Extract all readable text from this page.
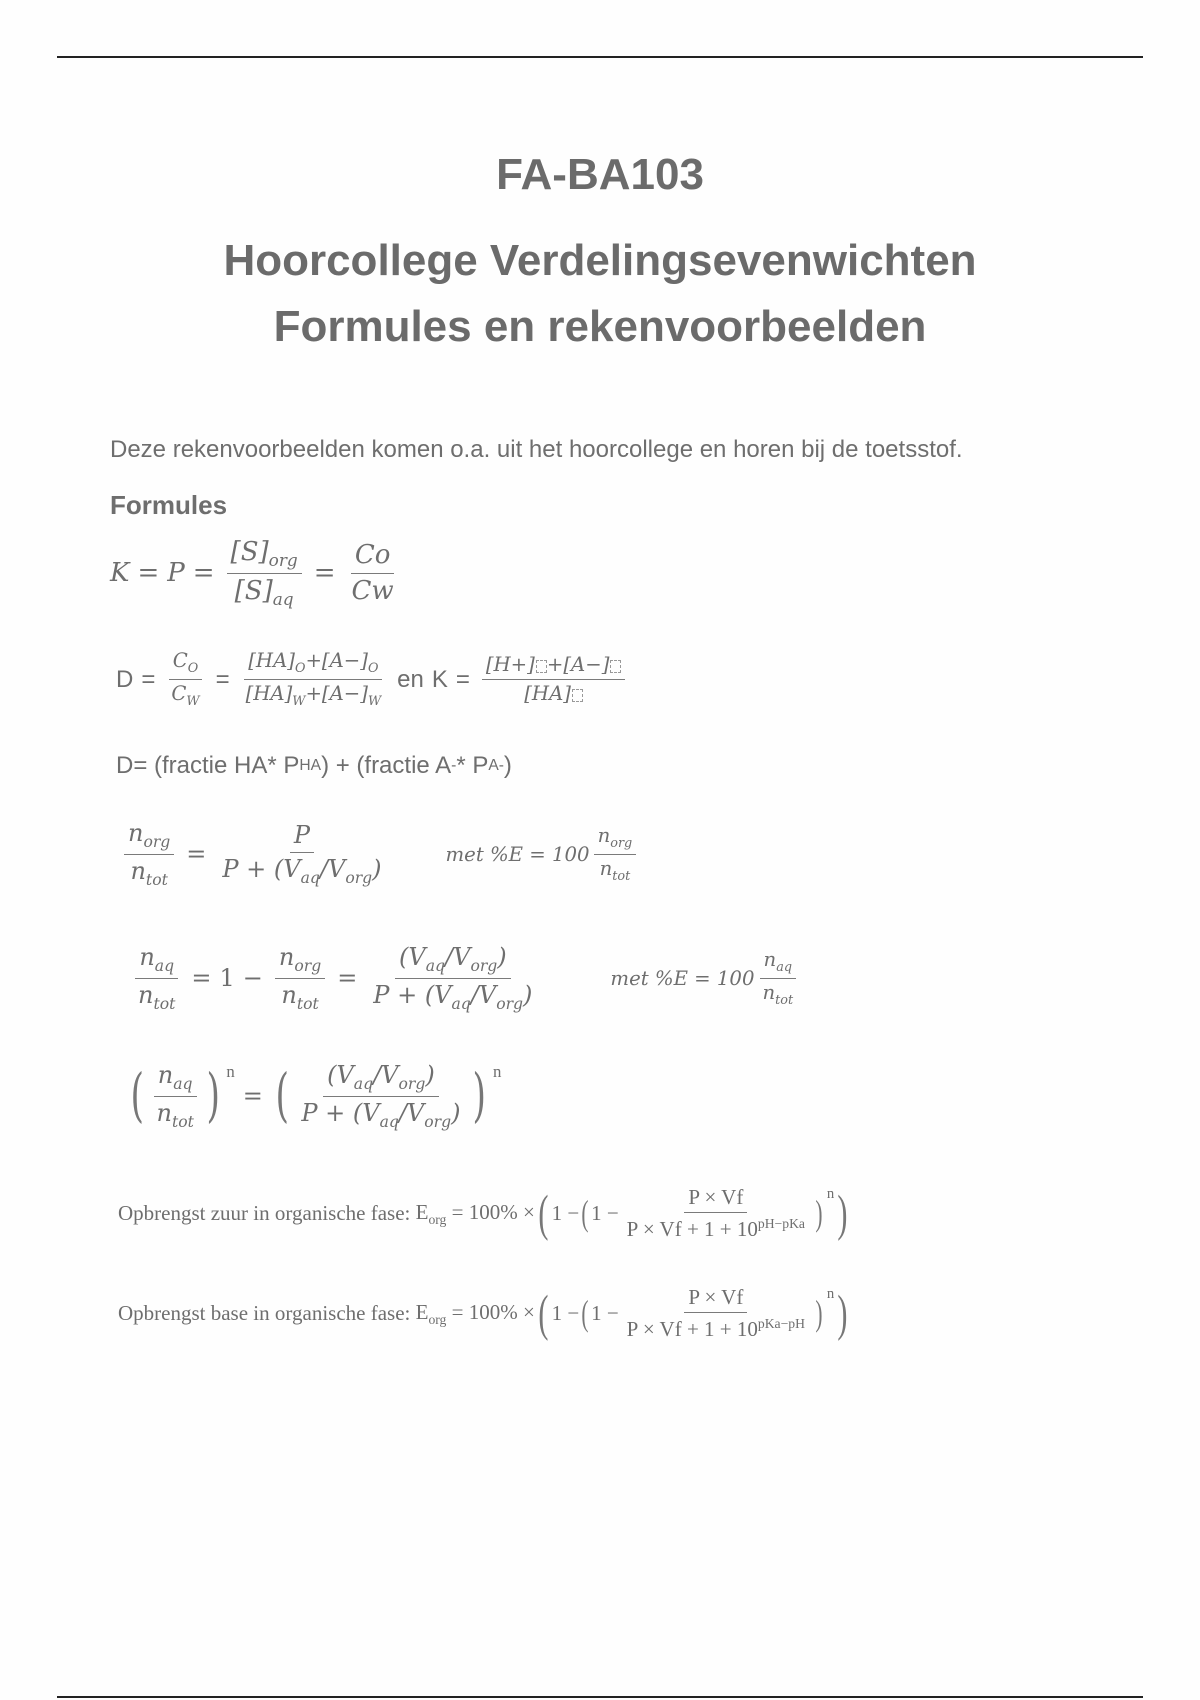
FA-BA103
Hoorcollege Verdelingsevenwichten
Formules en rekenvoorbeelden
Deze rekenvoorbeelden komen o.a. uit het hoorcollege en horen bij de toetsstof.
Formules
$K = P = \frac{[S]_{org}}{[S]_{aq}} = \frac{Co}{Cw}$
$D = \frac{C_O}{C_W} = \frac{[HA]_O+[A-]_O}{[HA]_W+[A-]_W}$ en $K = \frac{[H+] +[A-]}{[HA]}$
D= (fractie HA* P HA ) + (fractie A - * P A- )
$\frac{n_{org}}{n_{tot}} = \frac{P}{P + (V_{aq}/V_{org})}$	met $\%E = 100 \frac{n_{org}}{n_{tot}}$
$\frac{n_{aq}}{n_{tot}} = 1 - \frac{n_{org}}{n_{tot}} = \frac{(V_{aq}/V_{org})}{P + (V_{aq}/V_{org})}$	met $\%E = 100 \frac{n_{aq}}{n_{tot}}$
( $\frac{n_{aq}}{n_{tot}}$ ) n
= ( $\frac{(V_{aq}/V_{org})}{P + (V_{aq}/V_{org})}$ ) n
Opbrengst zuur in organische fase: $E_{org} = 100\%$ × ( 1 − ( $1 - \frac{P \times Vf}{P \times Vf + 1 + 10^{pH-pKa}}$ ) n )
Opbrengst base in organische fase: $E_{org} = 100\%$ × ( 1 − ( $1 - \frac{P \times Vf}{P \times Vf + 1 + 10^{pKa-pH}}$ ) n )
